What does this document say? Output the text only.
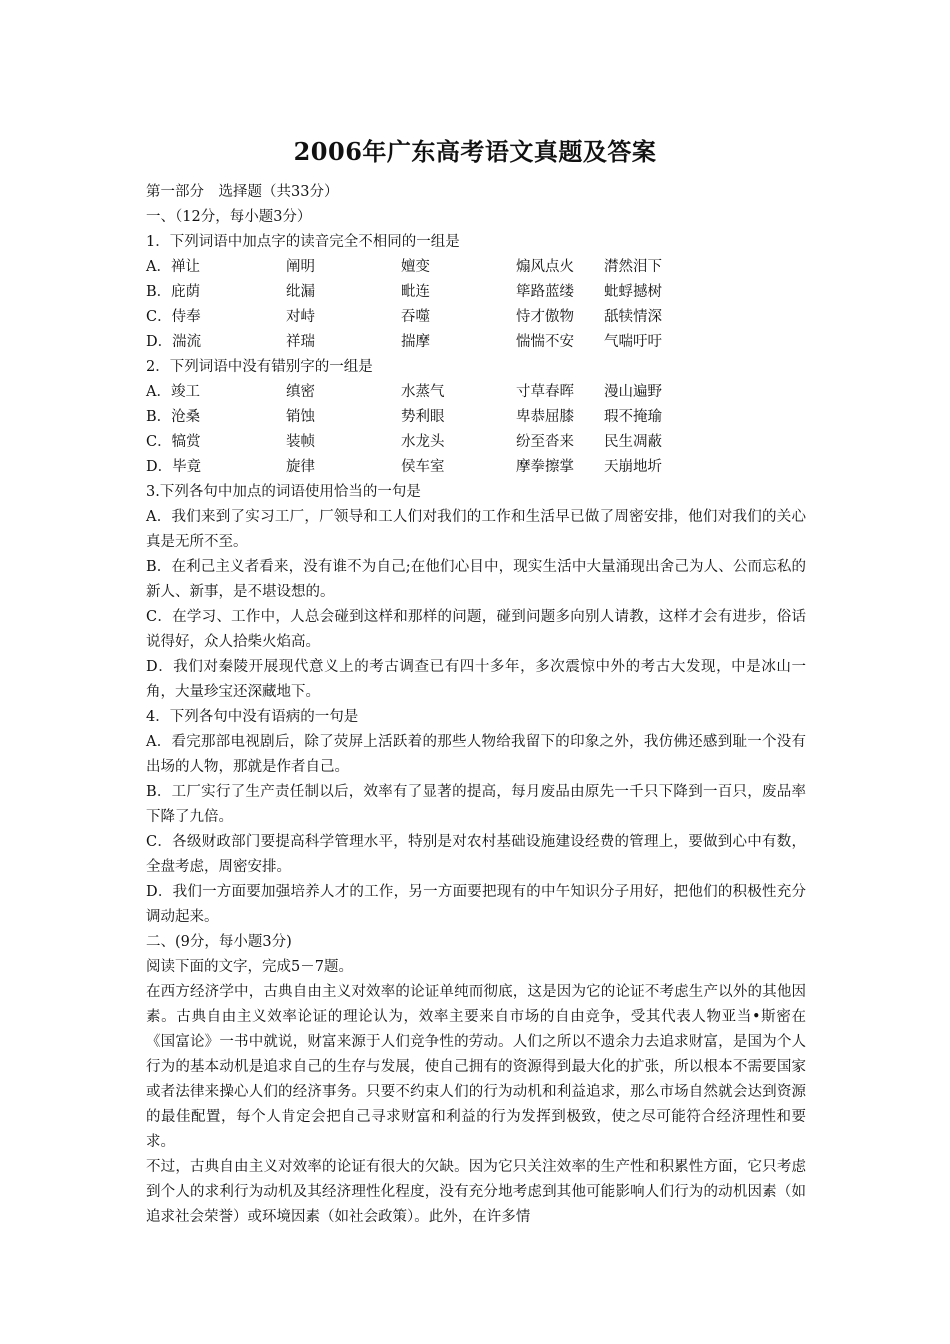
2006年广东高考语文真题及答案
第一部分　选择题（共33分）
一、（12分，每小题3分）
1．下列词语中加点字的读音完全不相同的一组是
A．禅让	阐明	嬗变	煽风点火	潸然泪下
B．庇荫	纰漏	毗连	筚路蓝缕	蚍蜉撼树
C．侍奉	对峙	吞噬	恃才傲物	舐犊情深
D．湍流	祥瑞	揣摩	惴惴不安	气喘吁吁
2．下列词语中没有错别字的一组是
A．竣工	缜密	水蒸气	寸草春晖	漫山遍野
B．沧桑	销蚀	势利眼	卑恭屈膝	瑕不掩瑜
C．犒赏	装帧	水龙头	纷至沓来	民生凋蔽
D．毕竟	旋律	侯车室	摩拳擦掌	天崩地圻
3.下列各句中加点的词语使用恰当的一句是
A．我们来到了实习工厂，厂领导和工人们对我们的工作和生活早已做了周密安排，他们对我们的关心真是无所不至。
B．在利己主义者看来，没有谁不为自己;在他们心目中，现实生活中大量涌现出舍己为人、公而忘私的新人、新事，是不堪设想的。
C．在学习、工作中，人总会碰到这样和那样的问题，碰到问题多向别人请教，这样才会有进步，俗话说得好，众人拾柴火焰高。
D．我们对秦陵开展现代意义上的考古调查已有四十多年，多次震惊中外的考古大发现，中是冰山一角，大量珍宝还深藏地下。
4．下列各句中没有语病的一句是
A．看完那部电视剧后，除了荧屏上活跃着的那些人物给我留下的印象之外，我仿佛还感到耻一个没有出场的人物，那就是作者自己。
B．工厂实行了生产责任制以后，效率有了显著的提高，每月废品由原先一千只下降到一百只，废品率下降了九倍。
C．各级财政部门要提高科学管理水平，特别是对农村基础设施建设经费的管理上，要做到心中有数，全盘考虑，周密安排。
D．我们一方面要加强培养人才的工作，另一方面要把现有的中午知识分子用好，把他们的积极性充分调动起来。
二、(9分，每小题3分)
阅读下面的文字，完成5－7题。
在西方经济学中，古典自由主义对效率的论证单纯而彻底，这是因为它的论证不考虑生产以外的其他因素。古典自由主义效率论证的理论认为，效率主要来自市场的自由竞争，受其代表人物亚当•斯密在《国富论》一书中就说，财富来源于人们竞争性的劳动。人们之所以不遗余力去追求财富，是国为个人行为的基本动机是追求自己的生存与发展，使自己拥有的资源得到最大化的扩张，所以根本不需要国家或者法律来操心人们的经济事务。只要不约束人们的行为动机和利益追求，那么市场自然就会达到资源的最佳配置，每个人肯定会把自己寻求财富和利益的行为发挥到极致，使之尽可能符合经济理性和要求。
不过，古典自由主义对效率的论证有很大的欠缺。因为它只关注效率的生产性和积累性方面，它只考虑到个人的求利行为动机及其经济理性化程度，没有充分地考虑到其他可能影响人们行为的动机因素（如追求社会荣誉）或环境因素（如社会政策）。此外，在许多情
